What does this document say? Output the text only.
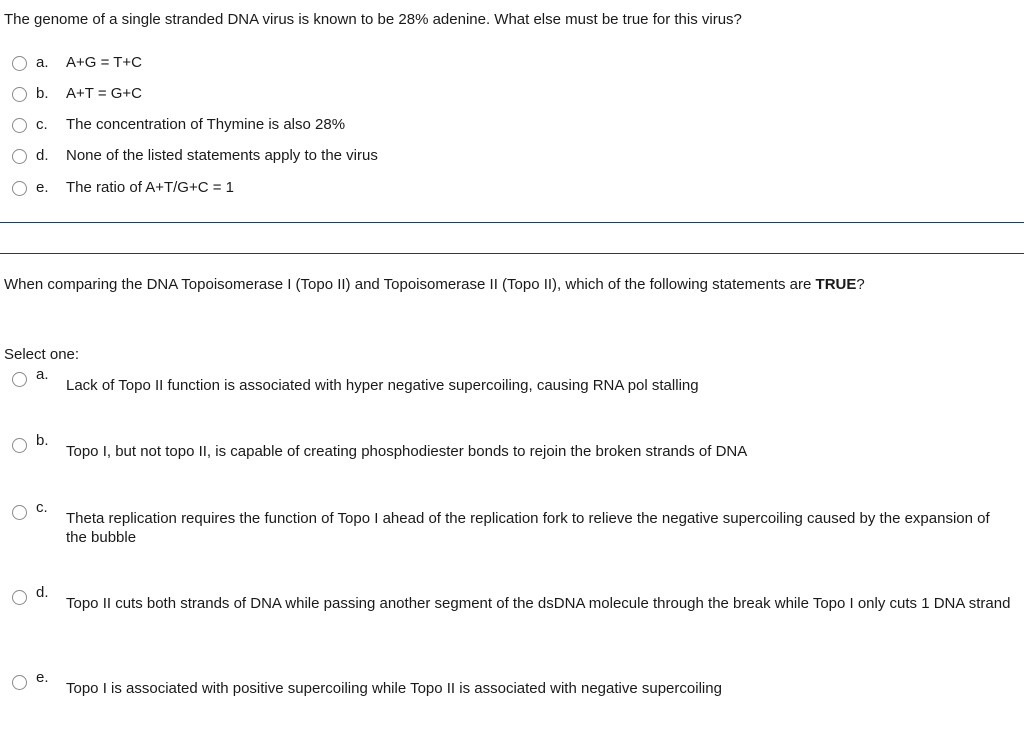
The genome of a single stranded DNA virus is known to be 28% adenine. What else must be true for this virus?
a. A+G = T+C
b. A+T = G+C
c. The concentration of Thymine is also 28%
d. None of the listed statements apply to the virus
e. The ratio of A+T/G+C = 1
When comparing the DNA Topoisomerase I (Topo II) and Topoisomerase II (Topo II), which of the following statements are TRUE?
Select one:
a.
Lack of Topo II function is associated with hyper negative supercoiling, causing RNA pol stalling
b.
Topo I, but not topo II, is capable of creating phosphodiester bonds to rejoin the broken strands of DNA
c.
Theta replication requires the function of Topo I ahead of the replication fork to relieve the negative supercoiling caused by the expansion of the bubble
d.
Topo II cuts both strands of DNA while passing another segment of the dsDNA molecule through the break while Topo I only cuts 1 DNA strand
e.
Topo I is associated with positive supercoiling while Topo II is associated with negative supercoiling
